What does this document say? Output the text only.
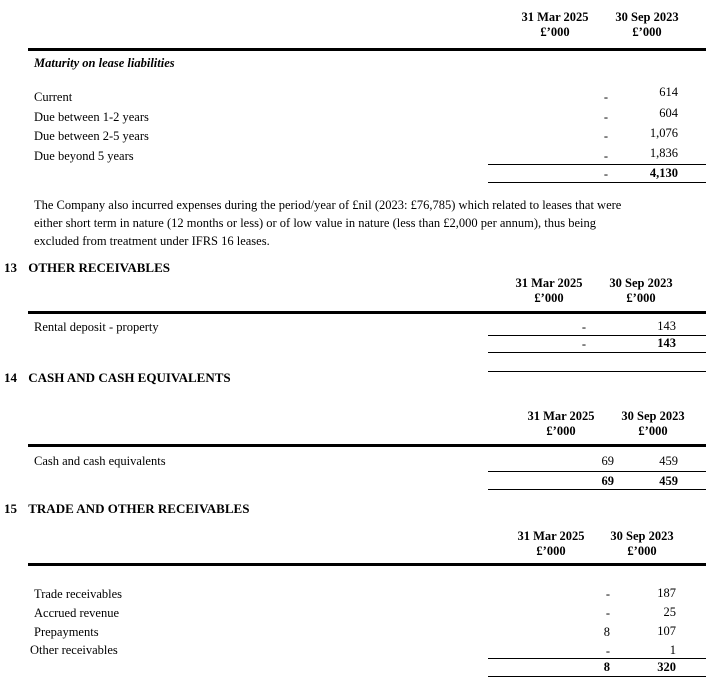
31 Mar 2025
£’000
30 Sep 2023
£’000
Maturity on lease liabilities
Current	-	614
Due between 1-2 years	-	604
Due between 2-5 years	-	1,076
Due beyond 5 years	-	1,836
-	4,130
The Company also incurred expenses during the period/year of £nil (2023: £76,785) which related to leases that were
either short term in nature (12 months or less) or of low value in nature (less than £2,000 per annum), thus being
excluded from treatment under IFRS 16 leases.
13 OTHER RECEIVABLES
31 Mar 2025
£’000
30 Sep 2023
£’000
Rental deposit - property	-	143
-	143
14 CASH AND CASH EQUIVALENTS
31 Mar 2025
£’000
30 Sep 2023
£’000
Cash and cash equivalents	69	459
69	459
15 TRADE AND OTHER RECEIVABLES
31 Mar 2025
£’000
30 Sep 2023
£’000
Trade receivables	-	187
Accrued revenue	-	25
Prepayments	8	107
Other receivables	-	1
8	320
